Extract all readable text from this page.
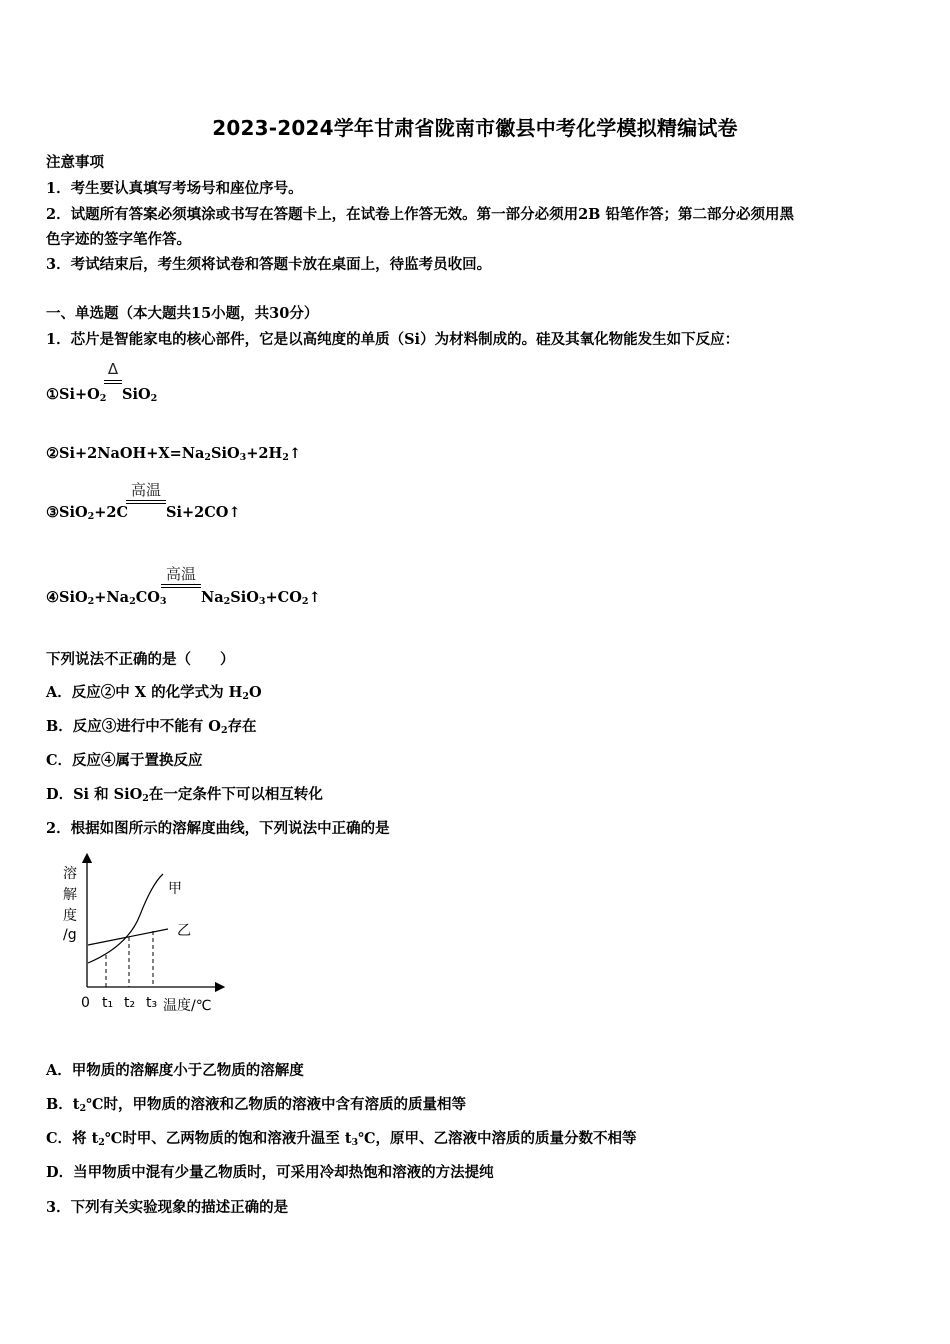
2023-2024学年甘肃省陇南市徽县中考化学模拟精编试卷
注意事项
1．考生要认真填写考场号和座位序号。
2．试题所有答案必须填涂或书写在答题卡上，在试卷上作答无效。第一部分必须用2B 铅笔作答；第二部分必须用黑
色字迹的签字笔作答。
3．考试结束后，考生须将试卷和答题卡放在桌面上，待监考员收回。
一、单选题（本大题共15小题，共30分）
1．芯片是智能家电的核心部件，它是以高纯度的单质（Si）为材料制成的。硅及其氧化物能发生如下反应：
$①Si+O_2$
Δ
SiO$_2$
$②Si+2NaOH+X=Na_2SiO_3+2H_2↑$
③SiO$_2$+2C
高温
Si+2CO↑
$④SiO_2+Na_2CO_3$
高温
$Na_2SiO_3+CO_2↑$
下列说法不正确的是（　　）
A．反应②中 X 的化学式为 $H_2O$
B．反应③进行中不能有 $O_2$存在
C．反应④属于置换反应
D．Si 和 SiO$_2$在一定条件下可以相互转化
2．根据如图所示的溶解度曲线，下列说法中正确的是
溶
解
度
/g
甲
乙
0 t₁ t₂ t₃ 温度/℃
A．甲物质的溶解度小于乙物质的溶解度
B．$t_2℃$时，甲物质的溶液和乙物质的溶液中含有溶质的质量相等
C．将 $t_2℃$时甲、乙两物质的饱和溶液升温至 $t_3℃$，原甲、乙溶液中溶质的质量分数不相等
D．当甲物质中混有少量乙物质时，可采用冷却热饱和溶液的方法提纯
3．下列有关实验现象的描述正确的是
